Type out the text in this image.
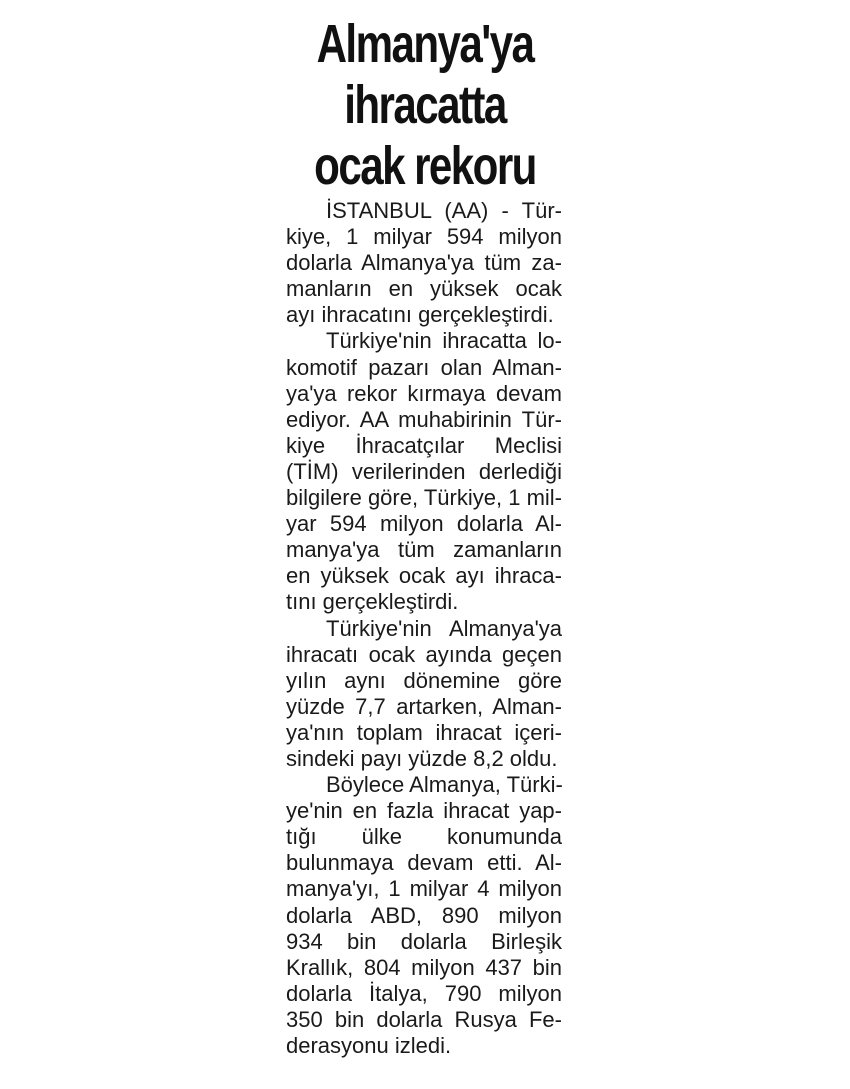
Almanya'ya
ihracatta
ocak rekoru
İSTANBUL (AA) - Tür-
kiye, 1 milyar 594 milyon
dolarla Almanya'ya tüm za-
manların en yüksek ocak
ayı ihracatını gerçekleştirdi.
Türkiye'nin ihracatta lo-
komotif pazarı olan Alman-
ya'ya rekor kırmaya devam
ediyor. AA muhabirinin Tür-
kiye İhracatçılar Meclisi
(TİM) verilerinden derlediği
bilgilere göre, Türkiye, 1 mil-
yar 594 milyon dolarla Al-
manya'ya tüm zamanların
en yüksek ocak ayı ihraca-
tını gerçekleştirdi.
Türkiye'nin Almanya'ya
ihracatı ocak ayında geçen
yılın aynı dönemine göre
yüzde 7,7 artarken, Alman-
ya'nın toplam ihracat içeri-
sindeki payı yüzde 8,2 oldu.
Böylece Almanya, Türki-
ye'nin en fazla ihracat yap-
tığı ülke konumunda
bulunmaya devam etti. Al-
manya'yı, 1 milyar 4 milyon
dolarla ABD, 890 milyon
934 bin dolarla Birleşik
Krallık, 804 milyon 437 bin
dolarla İtalya, 790 milyon
350 bin dolarla Rusya Fe-
derasyonu izledi.
